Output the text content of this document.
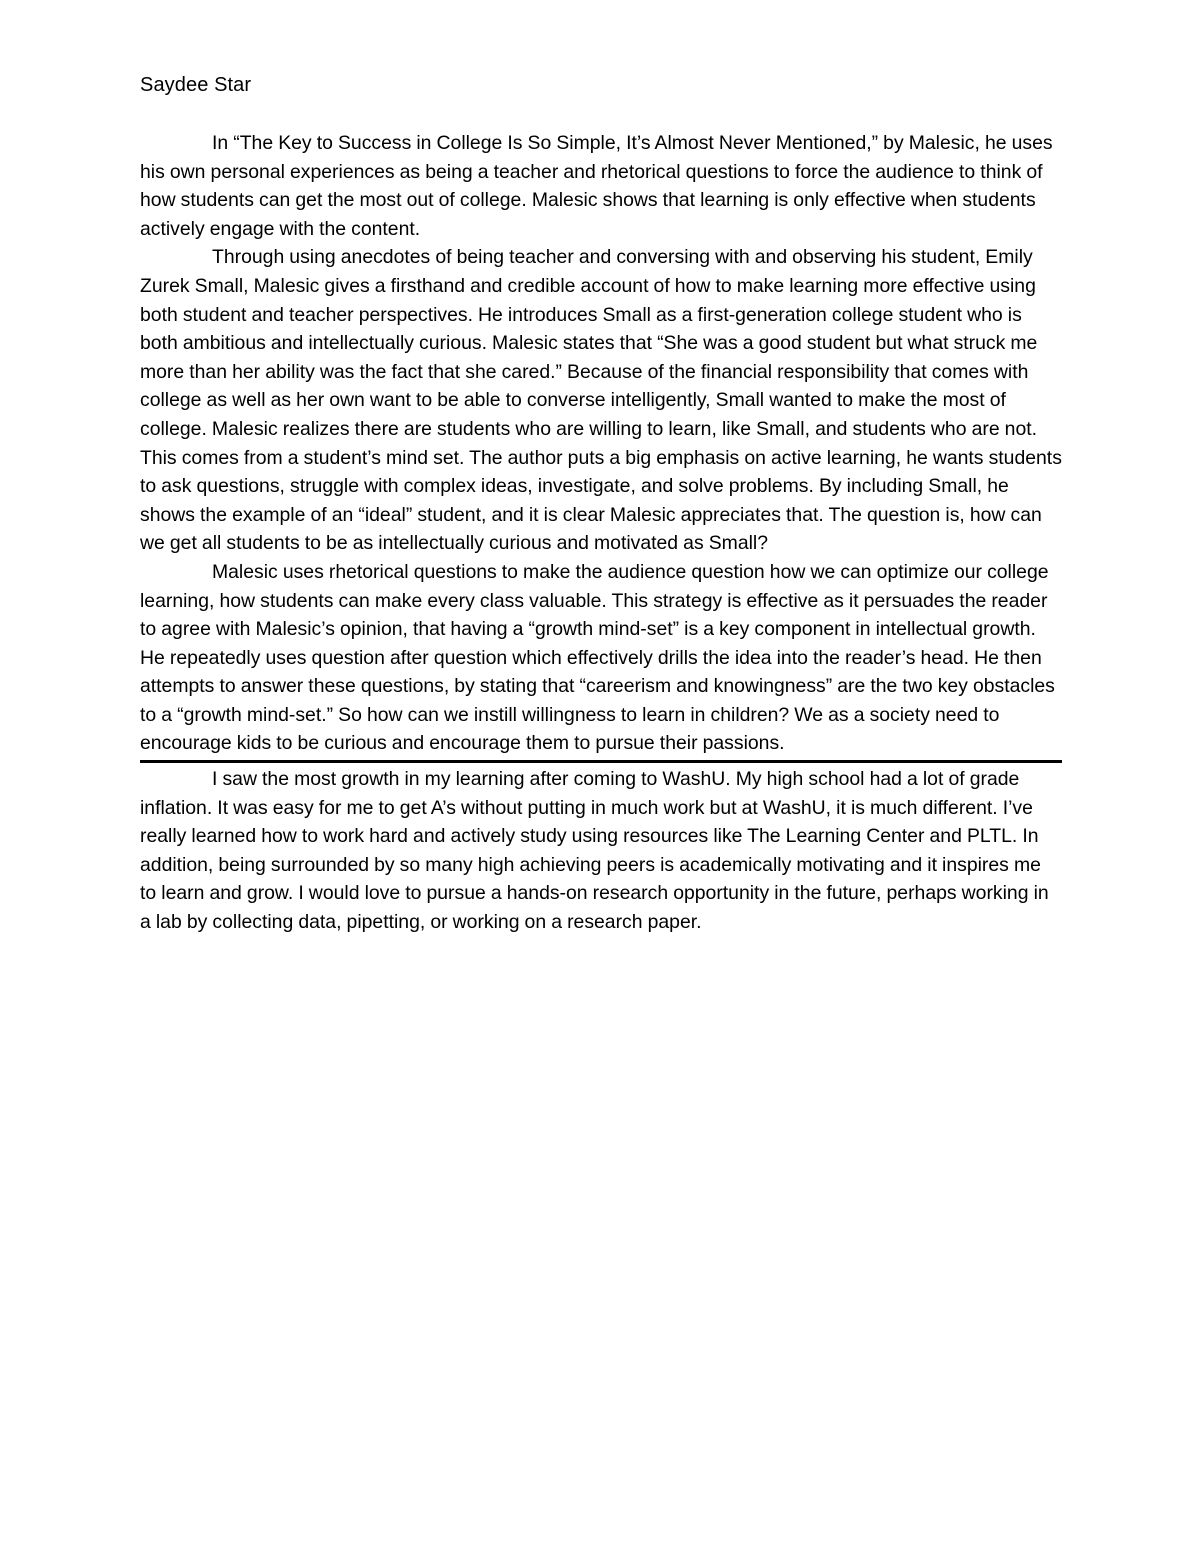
Saydee Star

In “The Key to Success in College Is So Simple, It’s Almost Never Mentioned,” by Malesic, he uses his own personal experiences as being a teacher and rhetorical questions to force the audience to think of how students can get the most out of college. Malesic shows that learning is only effective when students actively engage with the content.

Through using anecdotes of being teacher and conversing with and observing his student, Emily Zurek Small, Malesic gives a firsthand and credible account of how to make learning more effective using both student and teacher perspectives. He introduces Small as a first-generation college student who is both ambitious and intellectually curious. Malesic states that “She was a good student but what struck me more than her ability was the fact that she cared.” Because of the financial responsibility that comes with college as well as her own want to be able to converse intelligently, Small wanted to make the most of college. Malesic realizes there are students who are willing to learn, like Small, and students who are not. This comes from a student’s mind set. The author puts a big emphasis on active learning, he wants students to ask questions, struggle with complex ideas, investigate, and solve problems. By including Small, he shows the example of an “ideal” student, and it is clear Malesic appreciates that. The question is, how can we get all students to be as intellectually curious and motivated as Small?

Malesic uses rhetorical questions to make the audience question how we can optimize our college learning, how students can make every class valuable. This strategy is effective as it persuades the reader to agree with Malesic’s opinion, that having a “growth mind-set” is a key component in intellectual growth. He repeatedly uses question after question which effectively drills the idea into the reader’s head. He then attempts to answer these questions, by stating that “careerism and knowingness” are the two key obstacles to a “growth mind-set.” So how can we instill willingness to learn in children? We as a society need to encourage kids to be curious and encourage them to pursue their passions.

I saw the most growth in my learning after coming to WashU. My high school had a lot of grade inflation. It was easy for me to get A’s without putting in much work but at WashU, it is much different. I’ve really learned how to work hard and actively study using resources like The Learning Center and PLTL. In addition, being surrounded by so many high achieving peers is academically motivating and it inspires me to learn and grow. I would love to pursue a hands-on research opportunity in the future, perhaps working in a lab by collecting data, pipetting, or working on a research paper.
